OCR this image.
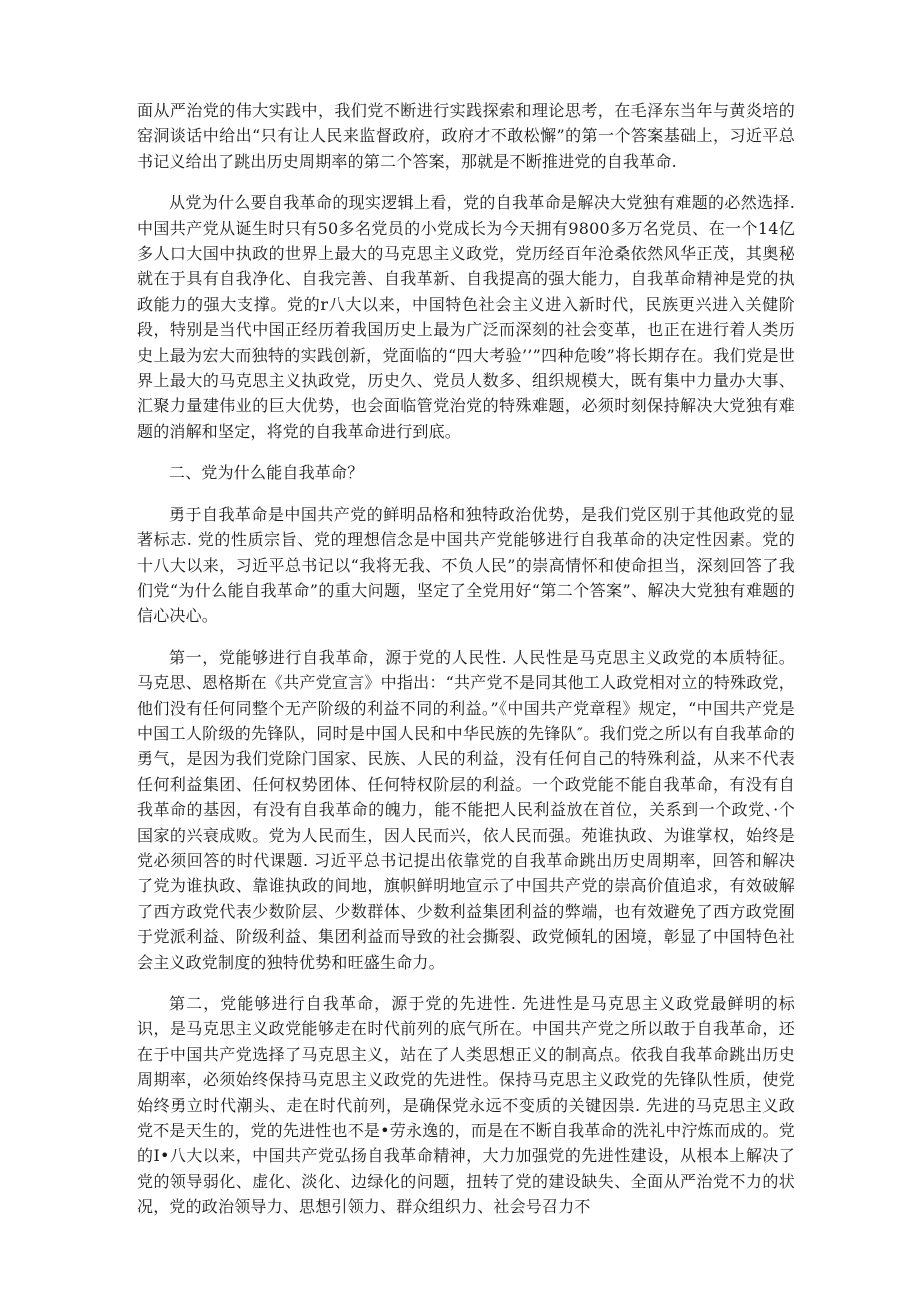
面从严治党的伟大实践中，我们党不断进行实践探索和理论思考，在毛泽东当年与黄炎培的窑洞谈话中给出“只有让人民来监督政府，政府才不敢松懈”的第一个答案基础上，习近平总书记义给出了跳出历史周期率的第二个答案，那就是不断推进党的自我革命.

从党为什么要自我革命的现实逻辑上看，党的自我革命是解决大党独有难题的必然选择. 中国共产党从诞生时只有50多名党员的小党成长为今天拥有9800多万名党员、在一个14亿多人口大国中执政的世界上最大的马克思主义政党，党历经百年沧桑依然风华正茂，其奥秘就在于具有自我净化、自我完善、自我革新、自我提高的强大能力，自我革命精神是党的执政能力的强大支撑。党的r八大以来，中国特色社会主义进入新时代，民族更兴进入关健阶段，特别是当代中国正经历着我国历史上最为广泛而深刻的社会变革，也正在进行着人类历史上最为宏大而独特的实践创新，党面临的“四大考验’’”四种危唆”将长期存在。我们党是世界上最大的马克思主义执政党，历史久、党员人数多、组织规模大，既有集中力量办大事、汇聚力量建伟业的巨大优势，也会面临管党治党的特殊难题，必须时刻保持解决大党独有难题的消解和坚定，将党的自我革命进行到底。

二、党为什么能自我革命？

勇于自我革命是中国共产党的鲜明品格和独特政治优势，是我们党区别于其他政党的显著标志. 党的性质宗旨、党的理想信念是中国共产党能够进行自我革命的决定性因素。党的十八大以来，习近平总书记以“我将无我、不负人民”的崇高情怀和使命担当，深刻回答了我们党“为什么能自我革命”的重大问题，坚定了全党用好“第二个答案”、解决大党独有难题的信心决心。

第一，党能够进行自我革命，源于党的人民性. 人民性是马克思主义政党的本质特征。马克思、恩格斯在《共产党宣言》中指出：“共产党不是同其他工人政党相对立的特殊政党，他们没有任何同整个无产阶级的利益不同的利益。”《中国共产党章程》规定，“中国共产党是中国工人阶级的先锋队，同时是中国人民和中华民族的先锋队″。我们党之所以有自我革命的勇气，是因为我们党除门国家、民族、人民的利益，没有任何自己的特殊利益，从来不代表任何利益集团、任何权势团体、任何特权阶层的利益。一个政党能不能自我革命，有没有自我革命的基因，有没有自我革命的魄力，能不能把人民利益放在首位，关系到一个政党、·个国家的兴衰成败。党为人民而生，因人民而兴，依人民而强。苑谁执政、为谁掌权，始终是党必须回答的时代课题. 习近平总书记提出依靠党的自我革命跳出历史周期率，回答和解决了党为谁执政、靠谁执政的间地，旗帜鲜明地宣示了中国共产党的崇高价值追求，有效破解了西方政党代表少数阶层、少数群体、少数利益集团利益的弊端，也有效避免了西方政党囿于党派利益、阶级利益、集团利益而导致的社会撕裂、政党倾轧的困境，彰显了中国特色社会主义政党制度的独特优势和旺盛生命力。

第二，党能够进行自我革命，源于党的先进性. 先进性是马克思主义政党最鲜明的标识，是马克思主义政党能够走在时代前列的底气所在。中国共产党之所以敢于自我革命，还在于中国共产党选择了马克思主义，站在了人类思想正义的制高点。依我自我革命跳出历史周期率，必须始终保持马克思主义政党的先进性。保持马克思主义政党的先锋队性质，使党始终勇立时代潮头、走在时代前列，是确保党永远不变质的关键因祟. 先进的马克思主义政党不是天生的，党的先进性也不是•劳永逸的，而是在不断自我革命的洗礼中泞炼而成的。党的I•八大以来，中国共产党弘扬自我革命精神，大力加强党的先进性建设，从根本上解决了党的领导弱化、虚化、淡化、边绿化的问题，扭转了党的建设缺失、全面从严治党不力的状况，党的政治领导力、思想引领力、群众组织力、社会号召力不
